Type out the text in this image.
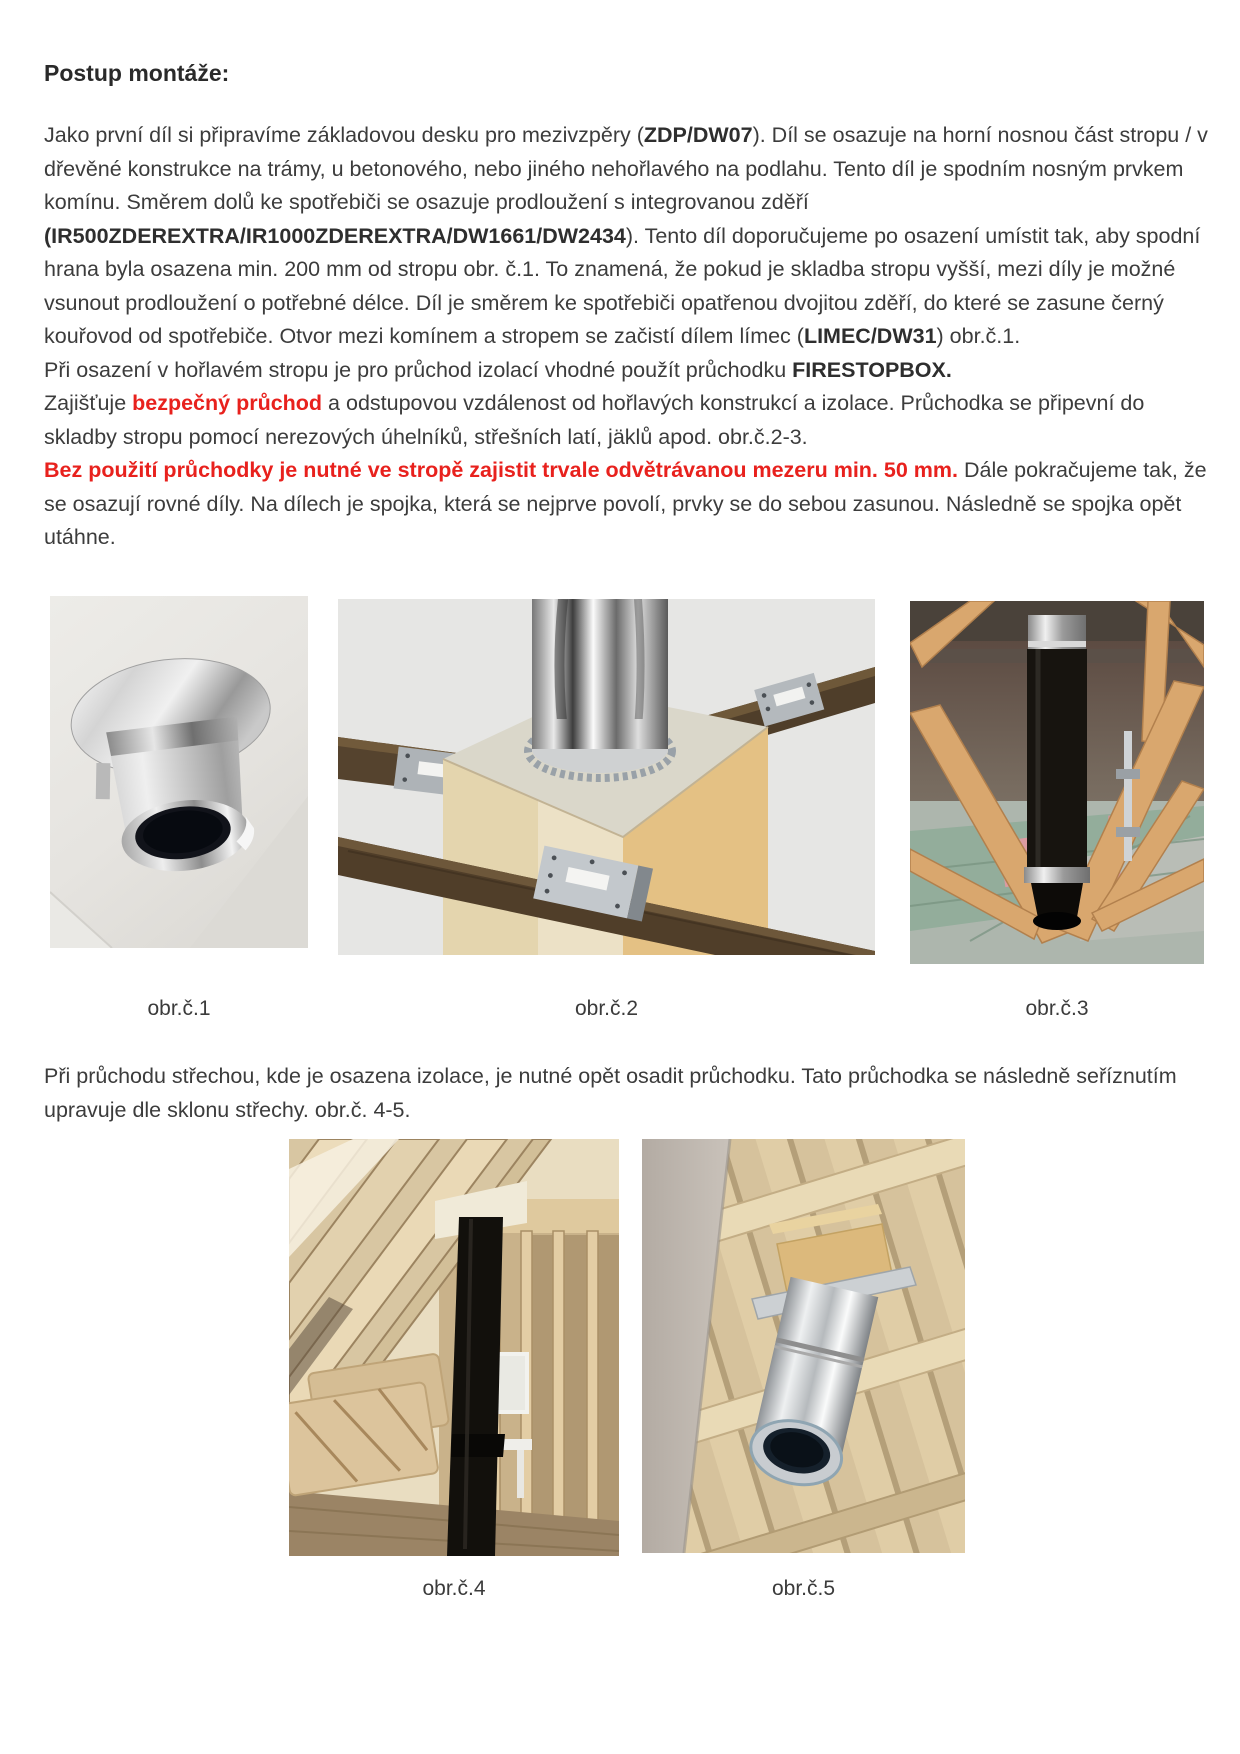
Postup montáže:

Jako první díl si připravíme základovou desku pro mezivzpěry (ZDP/DW07). Díl se osazuje na horní nosnou část stropu / v dřevěné konstrukce na trámy, u betonového, nebo jiného nehořlavého na podlahu. Tento díl je spodním nosným prvkem komínu. Směrem dolů ke spotřebiči se osazuje prodloužení s integrovanou zděří (IR500ZDEREXTRA/IR1000ZDEREXTRA/DW1661/DW2434). Tento díl doporučujeme po osazení umístit tak, aby spodní hrana byla osazena min. 200 mm od stropu obr. č.1. To znamená, že pokud je skladba stropu vyšší, mezi díly je možné vsunout prodloužení o potřebné délce. Díl je směrem ke spotřebiči opatřenou dvojitou zděří, do které se zasune černý kouřovod od spotřebiče. Otvor mezi komínem a stropem se začistí dílem límec (LIMEC/DW31) obr.č.1.
Při osazení v hořlavém stropu je pro průchod izolací vhodné použít průchodku FIRESTOPBOX.
Zajišťuje bezpečný průchod a odstupovou vzdálenost od hořlavých konstrukcí a izolace. Průchodka se připevní do skladby stropu pomocí nerezových úhelníků, střešních latí, jäklů apod. obr.č.2-3.
Bez použití průchodky je nutné ve stropě zajistit trvale odvětrávanou mezeru min. 50 mm. Dále pokračujeme tak, že se osazují rovné díly. Na dílech je spojka, která se nejprve povolí, prvky se do sebou zasunou. Následně se spojka opět utáhne.

obr.č.1	obr.č.2	obr.č.3

Při průchodu střechou, kde je osazena izolace, je nutné opět osadit průchodku. Tato průchodka se následně seříznutím upravuje dle sklonu střechy. obr.č. 4-5.

obr.č.4	obr.č.5
